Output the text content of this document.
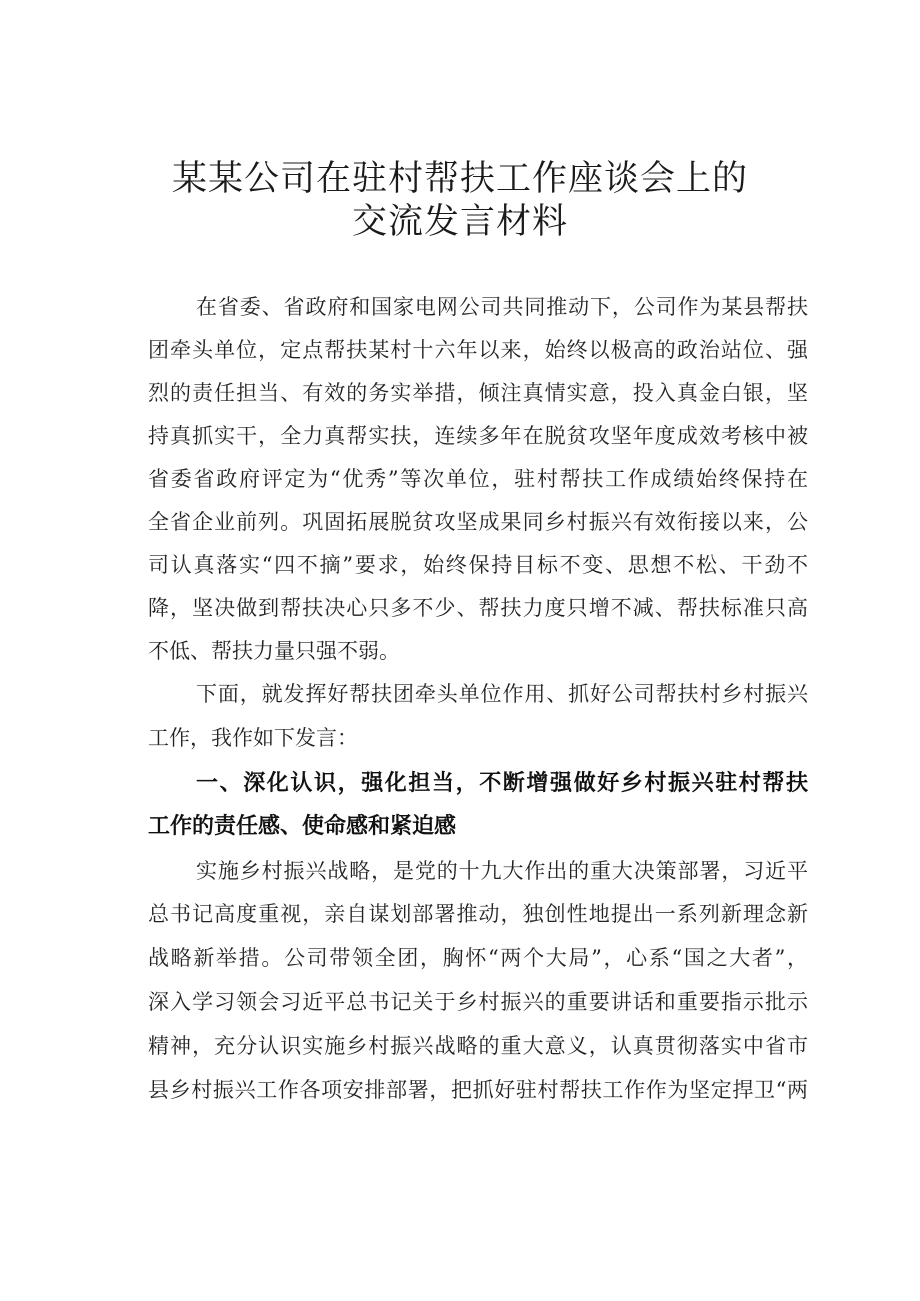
某某公司在驻村帮扶工作座谈会上的
交流发言材料
在省委、省政府和国家电网公司共同推动下，公司作为某县帮扶
团牵头单位，定点帮扶某村十六年以来，始终以极高的政治站位、强
烈的责任担当、有效的务实举措，倾注真情实意，投入真金白银，坚
持真抓实干，全力真帮实扶，连续多年在脱贫攻坚年度成效考核中被
省委省政府评定为“优秀”等次单位，驻村帮扶工作成绩始终保持在
全省企业前列。巩固拓展脱贫攻坚成果同乡村振兴有效衔接以来，公
司认真落实“四不摘”要求，始终保持目标不变、思想不松、干劲不
降，坚决做到帮扶决心只多不少、帮扶力度只增不减、帮扶标准只高
不低、帮扶力量只强不弱。
下面，就发挥好帮扶团牵头单位作用、抓好公司帮扶村乡村振兴
工作，我作如下发言：
一、深化认识，强化担当，不断增强做好乡村振兴驻村帮扶
工作的责任感、使命感和紧迫感
实施乡村振兴战略，是党的十九大作出的重大决策部署，习近平
总书记高度重视，亲自谋划部署推动，独创性地提出一系列新理念新
战略新举措。公司带领全团，胸怀“两个大局”，心系“国之大者”，
深入学习领会习近平总书记关于乡村振兴的重要讲话和重要指示批示
精神，充分认识实施乡村振兴战略的重大意义，认真贯彻落实中省市
县乡村振兴工作各项安排部署，把抓好驻村帮扶工作作为坚定捍卫“两
